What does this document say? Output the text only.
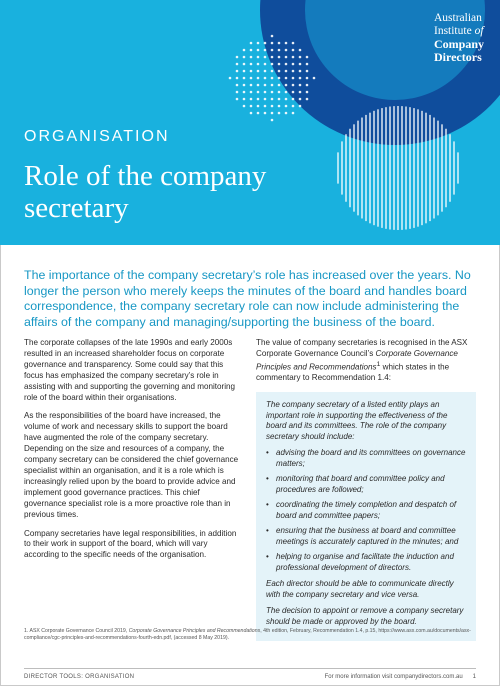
Australian
Institute of
Company
Directors
ORGANISATION
Role of the company secretary
The importance of the company secretary’s role has increased over the years. No longer the person who merely keeps the minutes of the board and handles board correspondence, the company secretary role can now include administering the affairs of the company and managing/supporting the business of the board.

The corporate collapses of the late 1990s and early 2000s resulted in an increased shareholder focus on corporate governance and transparency. Some could say that this focus has emphasized the company secretary’s role in assisting with and supporting the governing and monitoring role of the board within their organisations.

As the responsibilities of the board have increased, the volume of work and necessary skills to support the board have augmented the role of the company secretary. Depending on the size and resources of a company, the company secretary can be considered the chief governance specialist within an organisation, and it is a role which is increasingly relied upon by the board to provide advice and implement good governance practices. This chief governance specialist role is a more proactive role than in previous times.

Company secretaries have legal responsibilities, in addition to their work in support of the board, which will vary according to the specific needs of the organisation.

The value of company secretaries is recognised in the ASX Corporate Governance Council’s Corporate Governance Principles and Recommendations$^1$ which states in the commentary to Recommendation 1.4:

The company secretary of a listed entity plays an important role in supporting the effectiveness of the board and its committees. The role of the company secretary should include:

• advising the board and its committees on governance matters;
• monitoring that board and committee policy and procedures are followed;
• coordinating the timely completion and despatch of board and committee papers;
• ensuring that the business at board and committee meetings is accurately captured in the minutes; and
• helping to organise and facilitate the induction and professional development of directors.

Each director should be able to communicate directly with the company secretary and vice versa.

The decision to appoint or remove a company secretary should be made or approved by the board.

1. ASX Corporate Governance Council 2019, Corporate Governance Principles and Recommendations, 4th edition, February, Recommendation 1.4, p.15, https://www.asx.com.au/documents/asx-compliance/cgc-principles-and-recommendations-fourth-edn.pdf, (accessed 8 May 2019).
DIRECTOR TOOLS: ORGANISATION	For more information visit companydirectors.com.au 1
